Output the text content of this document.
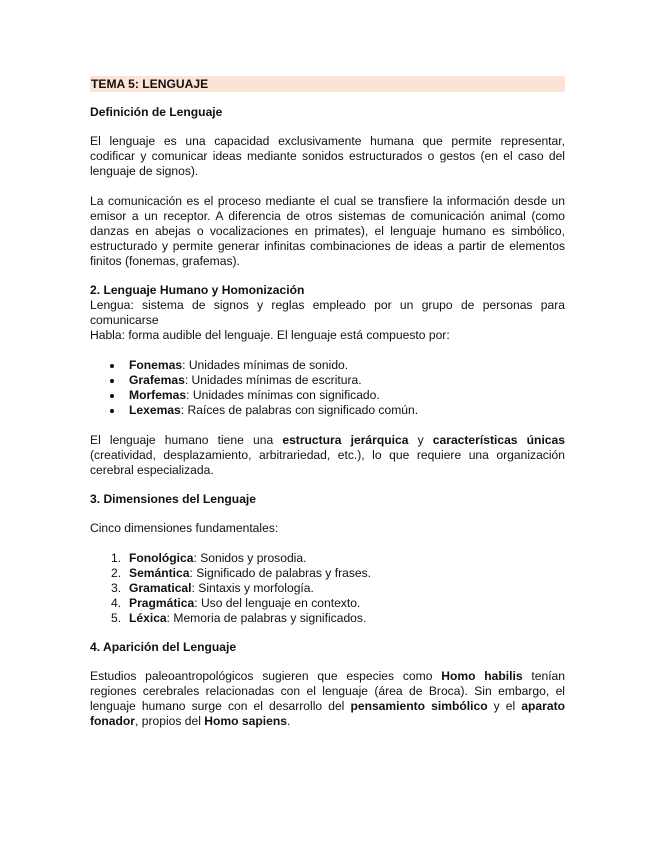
TEMA 5: LENGUAJE
Definición de Lenguaje

El lenguaje es una capacidad exclusivamente humana que permite representar, codificar y comunicar ideas mediante sonidos estructurados o gestos (en el caso del lenguaje de signos).

La comunicación es el proceso mediante el cual se transfiere la información desde un emisor a un receptor. A diferencia de otros sistemas de comunicación animal (como danzas en abejas o vocalizaciones en primates), el lenguaje humano es simbólico, estructurado y permite generar infinitas combinaciones de ideas a partir de elementos finitos (fonemas, grafemas).

2. Lenguaje Humano y Homonización

Lengua: sistema de signos y reglas empleado por un grupo de personas para comunicarse

Habla: forma audible del lenguaje. El lenguaje está compuesto por:

Fonemas: Unidades mínimas de sonido.
Grafemas: Unidades mínimas de escritura.
Morfemas: Unidades mínimas con significado.
Lexemas: Raíces de palabras con significado común.

El lenguaje humano tiene una estructura jerárquica y características únicas (creatividad, desplazamiento, arbitrariedad, etc.), lo que requiere una organización cerebral especializada.

3. Dimensiones del Lenguaje

Cinco dimensiones fundamentales:

1. Fonológica: Sonidos y prosodia.
2. Semántica: Significado de palabras y frases.
3. Gramatical: Sintaxis y morfología.
4. Pragmática: Uso del lenguaje en contexto.
5. Léxica: Memoria de palabras y significados.
4. Aparición del Lenguaje

Estudios paleoantropológicos sugieren que especies como Homo habilis tenían regiones cerebrales relacionadas con el lenguaje (área de Broca). Sin embargo, el lenguaje humano surge con el desarrollo del pensamiento simbólico y el aparato fonador, propios del Homo sapiens.
